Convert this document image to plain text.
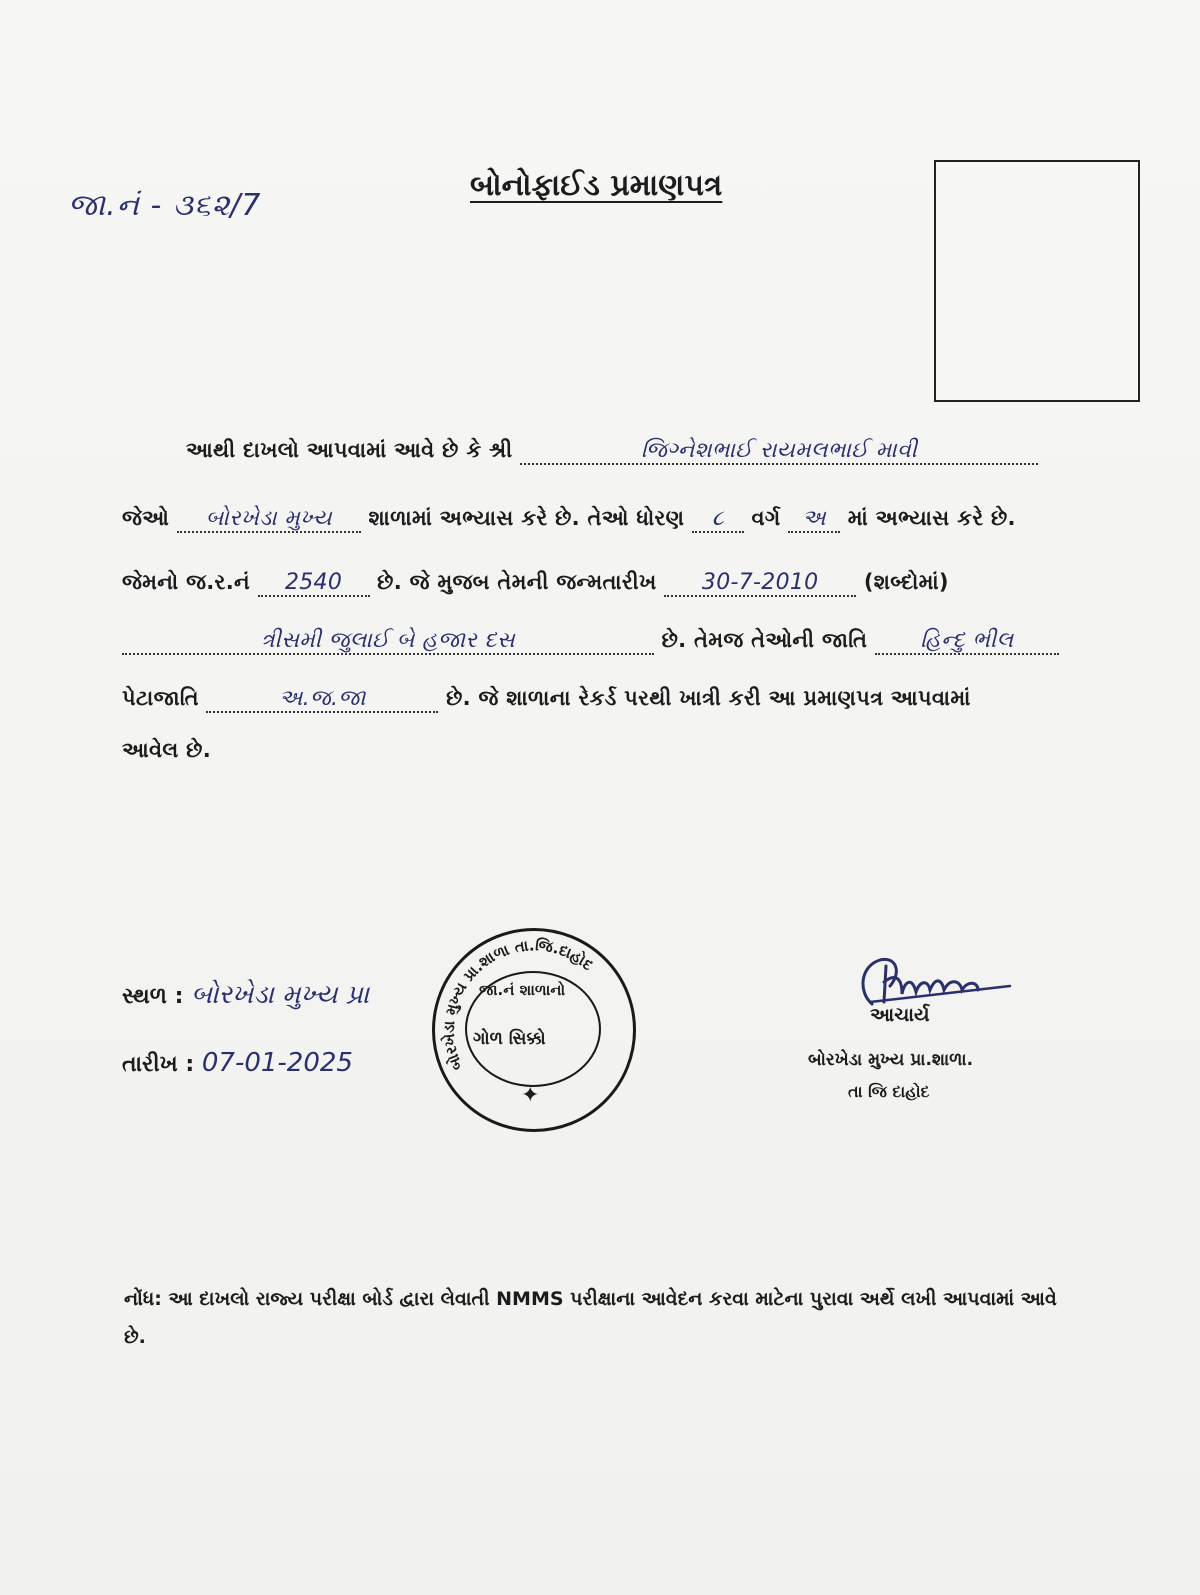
જા.નં - ૩૬૨/7
બોનોફાઈડ પ્રમાણપત્ર
આથી દાખલો આપવામાં આવે છે કે શ્રી	જિગ્નેશભાઈ રાયમલભાઈ માવી
જેઓ બોરખેડા મુખ્ય શાળામાં અભ્યાસ કરે છે. તેઓ ધોરણ ૮ વર્ગ અ માં અભ્યાસ કરે છે.
જેમનો જ.ર.નં 2540 છે. જે મુજબ તેમની જન્મતારીખ 30-7-2010 (શબ્દોમાં)
ત્રીસમી જુલાઈ બે હજાર દસ	છે. તેમજ તેઓની જાતિ હિન્દુ ભીલ
પેટાજાતિ	અ.જ.જા	છે. જે શાળાના રેકર્ડ પરથી ખાત્રી કરી આ પ્રમાણપત્ર આપવામાં
આવેલ છે.
સ્થળ : બોરખેડા મુખ્ય પ્રા
તારીખ : 07-01-2025	બોરખેડા મુખ્ય પ્રા.શાળા તા.જિ.દાહોદ
જા.નં શાળાનો
ગોળ સિક્કો
✦
આચાર્ય
બોરખેડા મુખ્ય પ્રા.શાળા.
તા જિ દાહોદ
નોંધ: આ દાખલો રાજ્ય પરીક્ષા બોર્ડ દ્વારા લેવાતી NMMS પરીક્ષાના આવેદન કરવા માટેના પુરાવા અર્થે લખી આપવામાં આવે છે.
